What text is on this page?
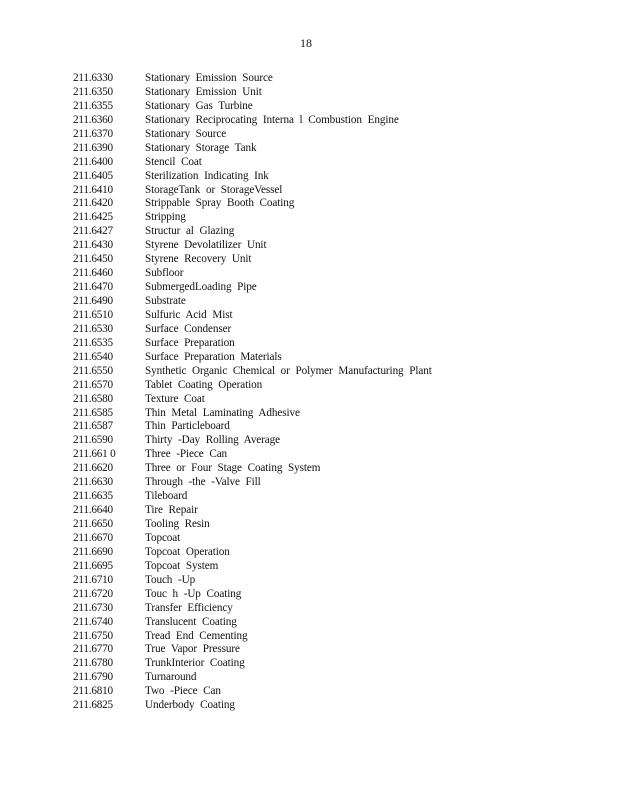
18
211.6330	Stationary Emission Source
211.6350	Stationary Emission Unit
211.6355	Stationary Gas Turbine
211.6360	Stationary Reciprocating Interna l Combustion Engine
211.6370	Stationary Source
211.6390	Stationary Storage Tank
211.6400	Stencil Coat
211.6405	Sterilization Indicating Ink
211.6410	StorageTank or StorageVessel
211.6420	Strippable Spray Booth Coating
211.6425	Stripping
211.6427	Structur al Glazing
211.6430	Styrene Devolatilizer Unit
211.6450	Styrene Recovery Unit
211.6460	Subfloor
211.6470	SubmergedLoading Pipe
211.6490	Substrate
211.6510	Sulfuric Acid Mist
211.6530	Surface Condenser
211.6535	Surface Preparation
211.6540	Surface Preparation Materials
211.6550	Synthetic Organic Chemical or Polymer Manufacturing Plant
211.6570	Tablet Coating Operation
211.6580	Texture Coat
211.6585	Thin Metal Laminating Adhesive
211.6587	Thin Particleboard
211.6590	Thirty -Day Rolling Average
211.661 0	Three -Piece Can
211.6620	Three or Four Stage Coating System
211.6630	Through -the -Valve Fill
211.6635	Tileboard
211.6640	Tire Repair
211.6650	Tooling Resin
211.6670	Topcoat
211.6690	Topcoat Operation
211.6695	Topcoat System
211.6710	Touch -Up
211.6720	Touc h -Up Coating
211.6730	Transfer Efficiency
211.6740	Translucent Coating
211.6750	Tread End Cementing
211.6770	True Vapor Pressure
211.6780	TrunkInterior Coating
211.6790	Turnaround
211.6810	Two -Piece Can
211.6825	Underbody Coating
